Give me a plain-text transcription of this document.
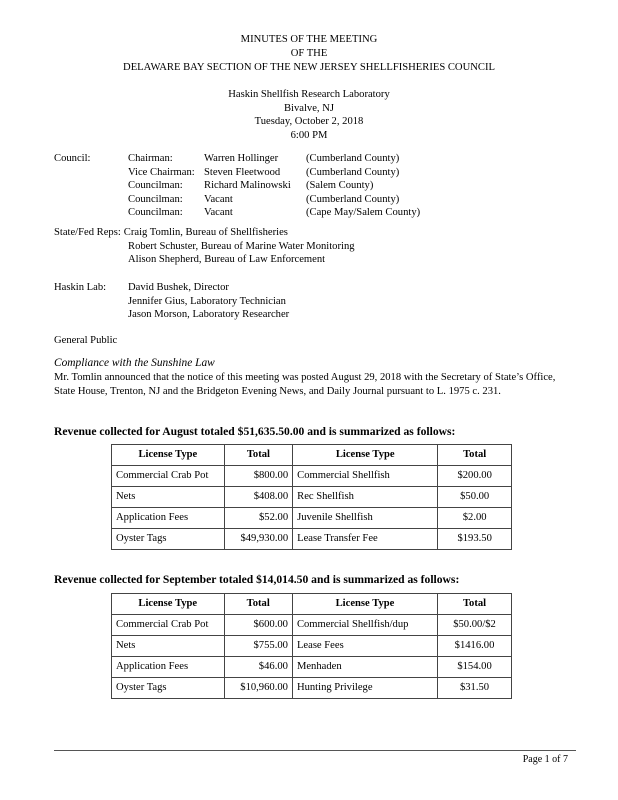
MINUTES OF THE MEETING
OF THE
DELAWARE BAY SECTION OF THE NEW JERSEY SHELLFISHERIES COUNCIL
Haskin Shellfish Research Laboratory
Bivalve, NJ
Tuesday, October 2, 2018
6:00 PM
Council:	Chairman:	Warren Hollinger	(Cumberland County)
Vice Chairman: Steven Fleetwood	(Cumberland County)
Councilman:	Richard Malinowski	(Salem County)
Councilman:	Vacant	(Cumberland County)
Councilman:	Vacant	(Cape May/Salem County)
State/Fed Reps: Craig Tomlin, Bureau of Shellfisheries
Robert Schuster, Bureau of Marine Water Monitoring
Alison Shepherd, Bureau of Law Enforcement
Haskin Lab:	David Bushek, Director
Jennifer Gius, Laboratory Technician
Jason Morson, Laboratory Researcher
General Public
Compliance with the Sunshine Law

Mr. Tomlin announced that the notice of this meeting was posted August 29, 2018 with the Secretary of State’s Office, State House, Trenton, NJ and the Bridgeton Evening News, and Daily Journal pursuant to L. 1975 c. 231.

Revenue collected for August totaled $51,635.50.00 and is summarized as follows:
License Type	Total	License Type	Total
Commercial Crab Pot	$800.00	Commercial Shellfish	$200.00
Nets	$408.00	Rec Shellfish	$50.00
Application Fees	$52.00	Juvenile Shellfish	$2.00
Oyster Tags	$49,930.00	Lease Transfer Fee	$193.50
Revenue collected for September totaled $14,014.50 and is summarized as follows:
License Type	Total	License Type	Total
Commercial Crab Pot	$600.00	Commercial Shellfish/dup	$50.00/$2
Nets	$755.00	Lease Fees	$1416.00
Application Fees	$46.00	Menhaden	$154.00
Oyster Tags	$10,960.00	Hunting Privilege	$31.50
Page 1 of 7
